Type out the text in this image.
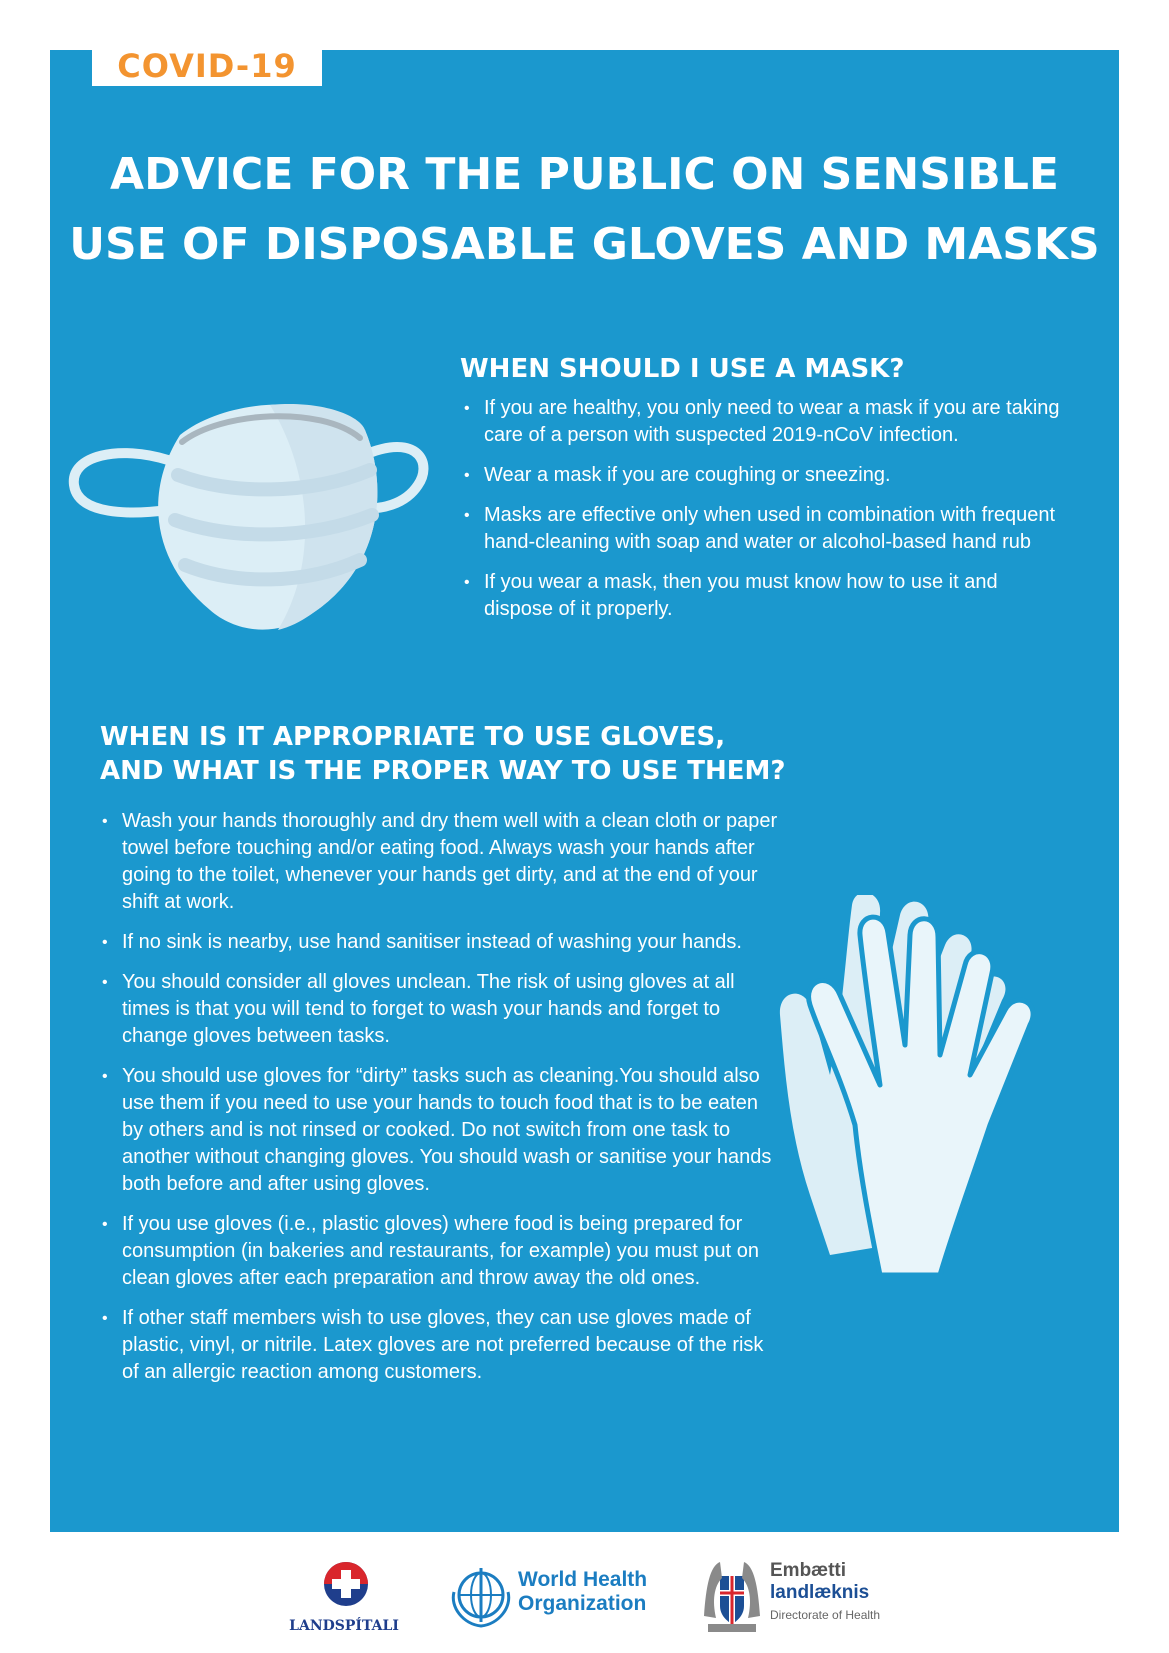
COVID-19
ADVICE FOR THE PUBLIC ON SENSIBLE
USE OF DISPOSABLE GLOVES AND MASKS
WHEN SHOULD I USE A MASK?
• If you are healthy, you only need to wear a mask if you are taking care of a person with suspected 2019-nCoV infection.
• Wear a mask if you are coughing or sneezing.
• Masks are effective only when used in combination with frequent hand-cleaning with soap and water or alcohol-based hand rub
• If you wear a mask, then you must know how to use it and dispose of it properly.
WHEN IS IT APPROPRIATE TO USE GLOVES,
AND WHAT IS THE PROPER WAY TO USE THEM?
• Wash your hands thoroughly and dry them well with a clean cloth or paper towel before touching and/or eating food. Always wash your hands after going to the toilet, whenever your hands get dirty, and at the end of your shift at work.
• If no sink is nearby, use hand sanitiser instead of washing your hands.
• You should consider all gloves unclean. The risk of using gloves at all times is that you will tend to forget to wash your hands and forget to change gloves between tasks.
• You should use gloves for “dirty” tasks such as cleaning.You should also use them if you need to use your hands to touch food that is to be eaten by others and is not rinsed or cooked. Do not switch from one task to another without changing gloves. You should wash or sanitise your hands both before and after using gloves.
• If you use gloves (i.e., plastic gloves) where food is being prepared for consumption (in bakeries and restaurants, for example) you must put on clean gloves after each preparation and throw away the old ones.
• If other staff members wish to use gloves, they can use gloves made of plastic, vinyl, or nitrile. Latex gloves are not preferred because of the risk of an allergic reaction among customers.
LANDSPÍTALI
World Health
Organization
Embætti
landlæknis
Directorate of Health
